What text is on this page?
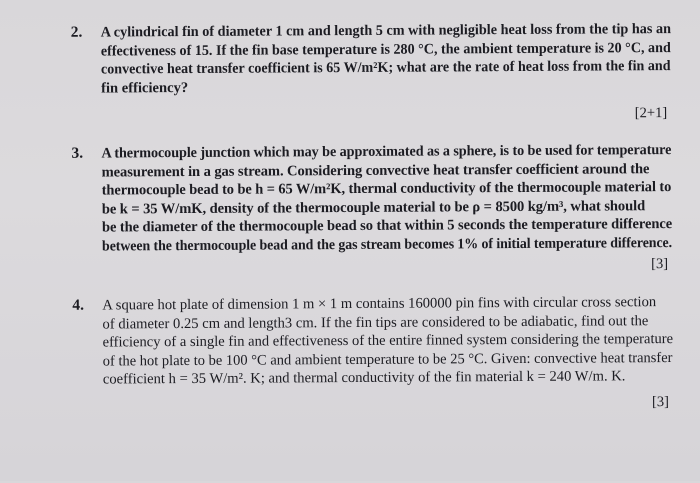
2. A cylindrical fin of diameter 1 cm and length 5 cm with negligible heat loss from the tip has an
effectiveness of 15. If the fin base temperature is 280 °C, the ambient temperature is 20 °C, and
convective heat transfer coefficient is 65 W/m²K; what are the rate of heat loss from the fin and
fin efficiency?
[2+1]
3. A thermocouple junction which may be approximated as a sphere, is to be used for temperature
measurement in a gas stream. Considering convective heat transfer coefficient around the
thermocouple bead to be h = 65 W/m²K, thermal conductivity of the thermocouple material to
be k = 35 W/mK, density of the thermocouple material to be ρ = 8500 kg/m³, what should
be the diameter of the thermocouple bead so that within 5 seconds the temperature difference
between the thermocouple bead and the gas stream becomes 1% of initial temperature difference.
[3]
4. A square hot plate of dimension 1 m × 1 m contains 160000 pin fins with circular cross section
of diameter 0.25 cm and length3 cm. If the fin tips are considered to be adiabatic, find out the
efficiency of a single fin and effectiveness of the entire finned system considering the temperature
of the hot plate to be 100 °C and ambient temperature to be 25 °C. Given: convective heat transfer
coefficient h = 35 W/m². K; and thermal conductivity of the fin material k = 240 W/m. K.
[3]
